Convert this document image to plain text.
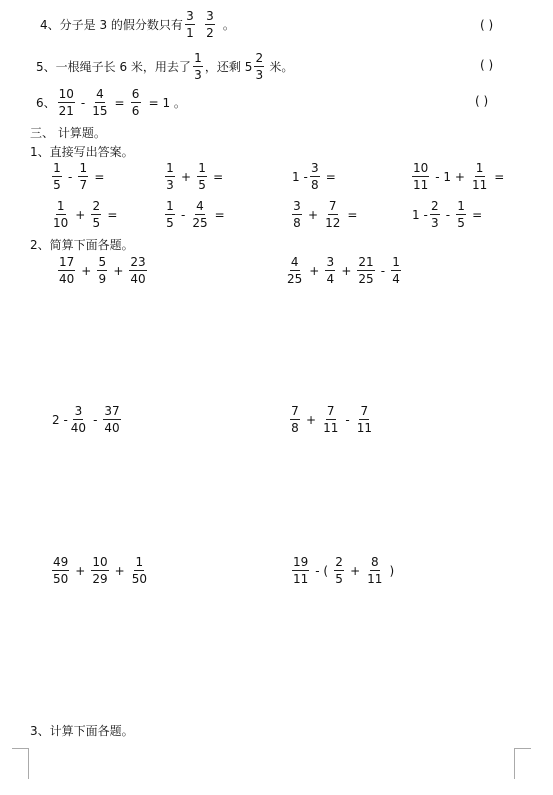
4、分子是 3 的假分数只有 $\frac{3}{1} \frac{3}{2}$ 。	( )
5、一根绳子长 6 米，用去了 $\frac{1}{3}$ ，还剩 $5 \frac{2}{3}$ 米。	( )
6、 $\frac{10}{21} - \frac{4}{15} = \frac{6}{6} = 1$ 。	( )
三、 计算题。
1、直接写出答案。
$\frac{1}{5} - \frac{1}{7}$ =	$\frac{1}{3} + \frac{1}{5}$ =	$1 - \frac{3}{8}$ =	$\frac{10}{11} - 1 + \frac{1}{11}$ =
$\frac{1}{10} + \frac{2}{5}$ =	$\frac{1}{5} - \frac{4}{25}$ =	$\frac{3}{8} + \frac{7}{12}$ =	$1 - \frac{2}{3} - \frac{1}{5}$ =
2、简算下面各题。
$\frac{17}{40} + \frac{5}{9} + \frac{23}{40}$	$\frac{4}{25} + \frac{3}{4} + \frac{21}{25} - \frac{1}{4}$
$2 - \frac{3}{40} - \frac{37}{40}$	$\frac{7}{8} + \frac{7}{11} - \frac{7}{11}$
$\frac{49}{50} + \frac{10}{29} + \frac{1}{50}$	$\frac{19}{11}$ - ( $\frac{2}{5} + \frac{8}{11}$ )
3、计算下面各题。
